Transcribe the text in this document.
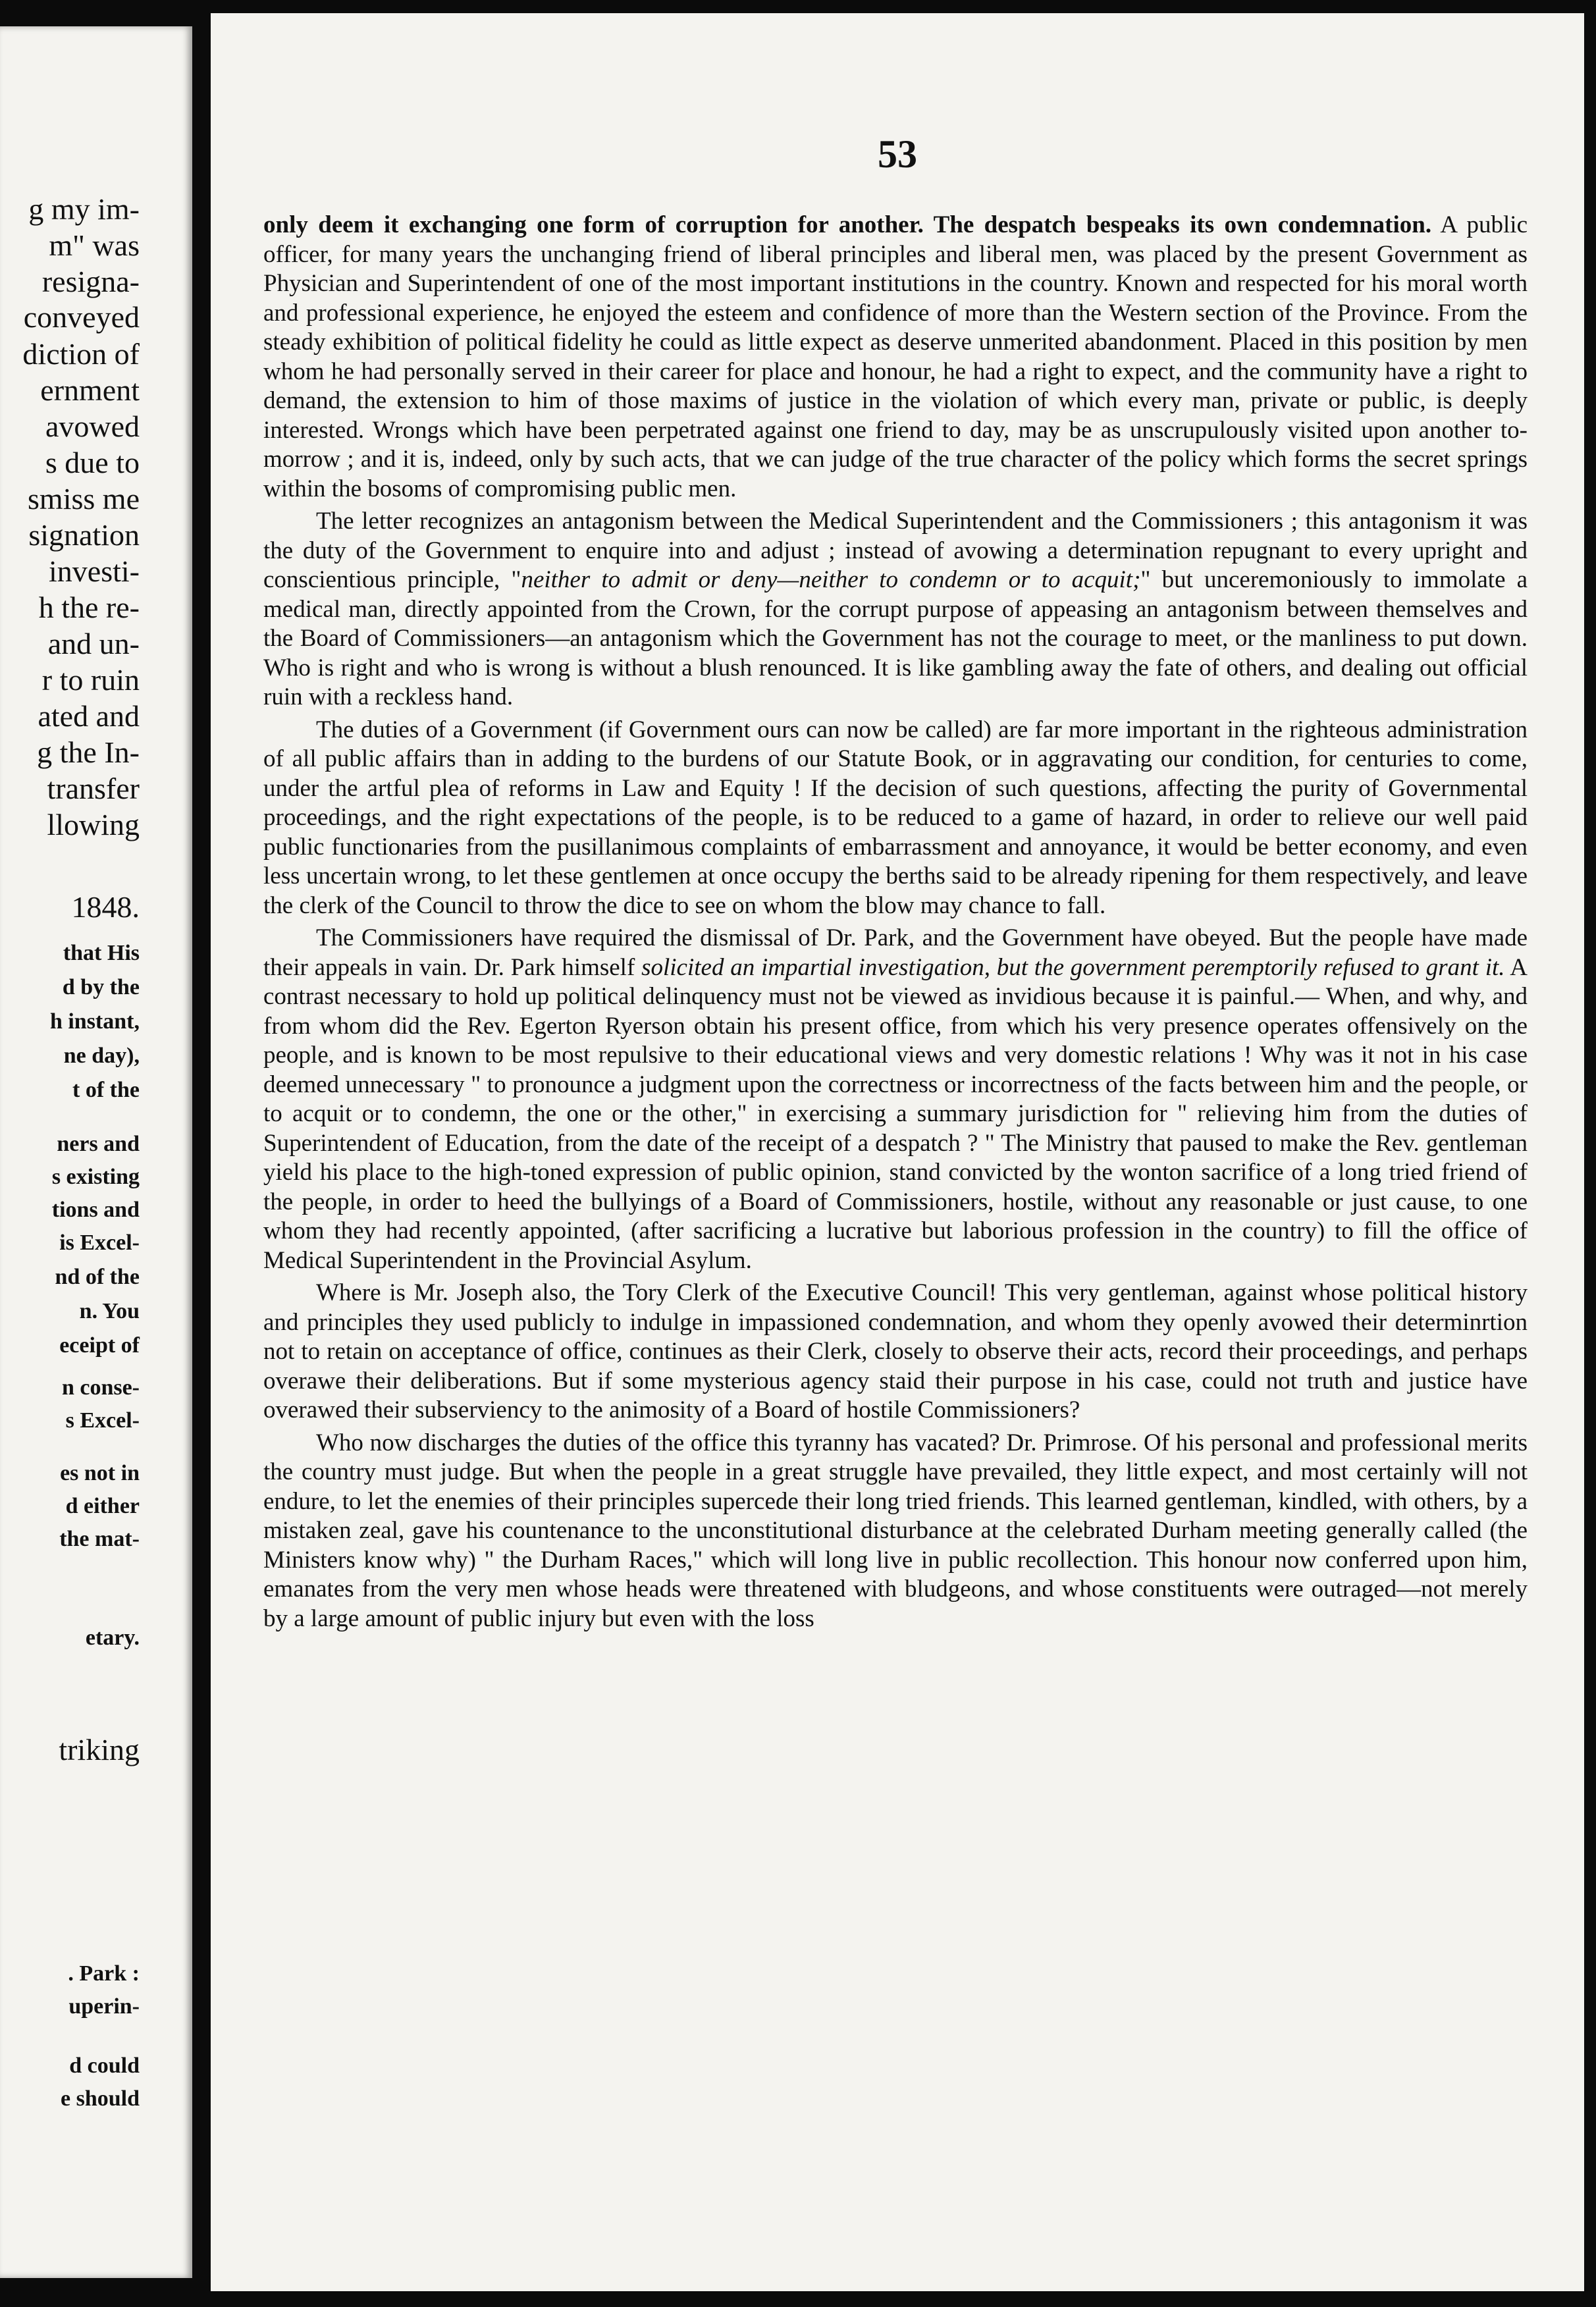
g my im-
m" was
resigna-
conveyed
diction of
ernment
avowed
s due to
smiss me
signation
investi-
h the re-
and un-
r to ruin
ated and
g the In-
transfer
llowing
1848.
that His
d by the
h instant,
ne day),
t of the
ners and
s existing
tions and
is Excel-
nd of the
n. You
eceipt of
n conse-
s Excel-
es not in
d either
the mat-
etary.
triking
. Park :
uperin-
d could
e should
53

only deem it exchanging one form of corruption for another. The despatch bespeaks its own condemnation. A public officer, for many years the unchanging friend of liberal principles and liberal men, was placed by the present Government as Physician and Superintendent of one of the most important institutions in the country. Known and respected for his moral worth and professional experience, he enjoyed the esteem and confidence of more than the Western section of the Province. From the steady exhibition of political fidelity he could as little expect as deserve unmerited abandonment. Placed in this position by men whom he had personally served in their career for place and honour, he had a right to expect, and the community have a right to demand, the extension to him of those maxims of justice in the violation of which every man, private or public, is deeply interested. Wrongs which have been perpetrated against one friend to day, may be as unscrupulously visited upon another to-morrow ; and it is, indeed, only by such acts, that we can judge of the true character of the policy which forms the secret springs within the bosoms of compromising public men.

The letter recognizes an antagonism between the Medical Superintendent and the Commissioners ; this antagonism it was the duty of the Government to enquire into and adjust ; instead of avowing a determination repugnant to every upright and conscientious principle, "neither to admit or deny—neither to condemn or to acquit;" but unceremoniously to immolate a medical man, directly appointed from the Crown, for the corrupt purpose of appeasing an antagonism between themselves and the Board of Commissioners—an antagonism which the Government has not the courage to meet, or the manliness to put down. Who is right and who is wrong is without a blush renounced. It is like gambling away the fate of others, and dealing out official ruin with a reckless hand.

The duties of a Government (if Government ours can now be called) are far more important in the righteous administration of all public affairs than in adding to the burdens of our Statute Book, or in aggravating our condition, for centuries to come, under the artful plea of reforms in Law and Equity ! If the decision of such questions, affecting the purity of Governmental proceedings, and the right expectations of the people, is to be reduced to a game of hazard, in order to relieve our well paid public functionaries from the pusillanimous complaints of embarrassment and annoyance, it would be better economy, and even less uncertain wrong, to let these gentlemen at once occupy the berths said to be already ripening for them respectively, and leave the clerk of the Council to throw the dice to see on whom the blow may chance to fall.

The Commissioners have required the dismissal of Dr. Park, and the Government have obeyed. But the people have made their appeals in vain. Dr. Park himself solicited an impartial investigation, but the government peremptorily refused to grant it. A contrast necessary to hold up political delinquency must not be viewed as invidious because it is painful.— When, and why, and from whom did the Rev. Egerton Ryerson obtain his present office, from which his very presence operates offensively on the people, and is known to be most repulsive to their educational views and very domestic relations ! Why was it not in his case deemed unnecessary " to pronounce a judgment upon the correctness or incorrectness of the facts between him and the people, or to acquit or to condemn, the one or the other," in exercising a summary jurisdiction for " relieving him from the duties of Superintendent of Education, from the date of the receipt of a despatch ? " The Ministry that paused to make the Rev. gentleman yield his place to the high-toned expression of public opinion, stand convicted by the wonton sacrifice of a long tried friend of the people, in order to heed the bullyings of a Board of Commissioners, hostile, without any reasonable or just cause, to one whom they had recently appointed, (after sacrificing a lucrative but laborious profession in the country) to fill the office of Medical Superintendent in the Provincial Asylum.

Where is Mr. Joseph also, the Tory Clerk of the Executive Council! This very gentleman, against whose political history and principles they used publicly to indulge in impassioned condemnation, and whom they openly avowed their determinrtion not to retain on acceptance of office, continues as their Clerk, closely to observe their acts, record their proceedings, and perhaps overawe their deliberations. But if some mysterious agency staid their purpose in his case, could not truth and justice have overawed their subserviency to the animosity of a Board of hostile Commissioners?

Who now discharges the duties of the office this tyranny has vacated? Dr. Primrose. Of his personal and professional merits the country must judge. But when the people in a great struggle have prevailed, they little expect, and most certainly will not endure, to let the enemies of their principles supercede their long tried friends. This learned gentleman, kindled, with others, by a mistaken zeal, gave his countenance to the unconstitutional disturbance at the celebrated Durham meeting generally called (the Ministers know why) " the Durham Races," which will long live in public recollection. This honour now conferred upon him, emanates from the very men whose heads were threatened with bludgeons, and whose constituents were outraged—not merely by a large amount of public injury but even with the loss
